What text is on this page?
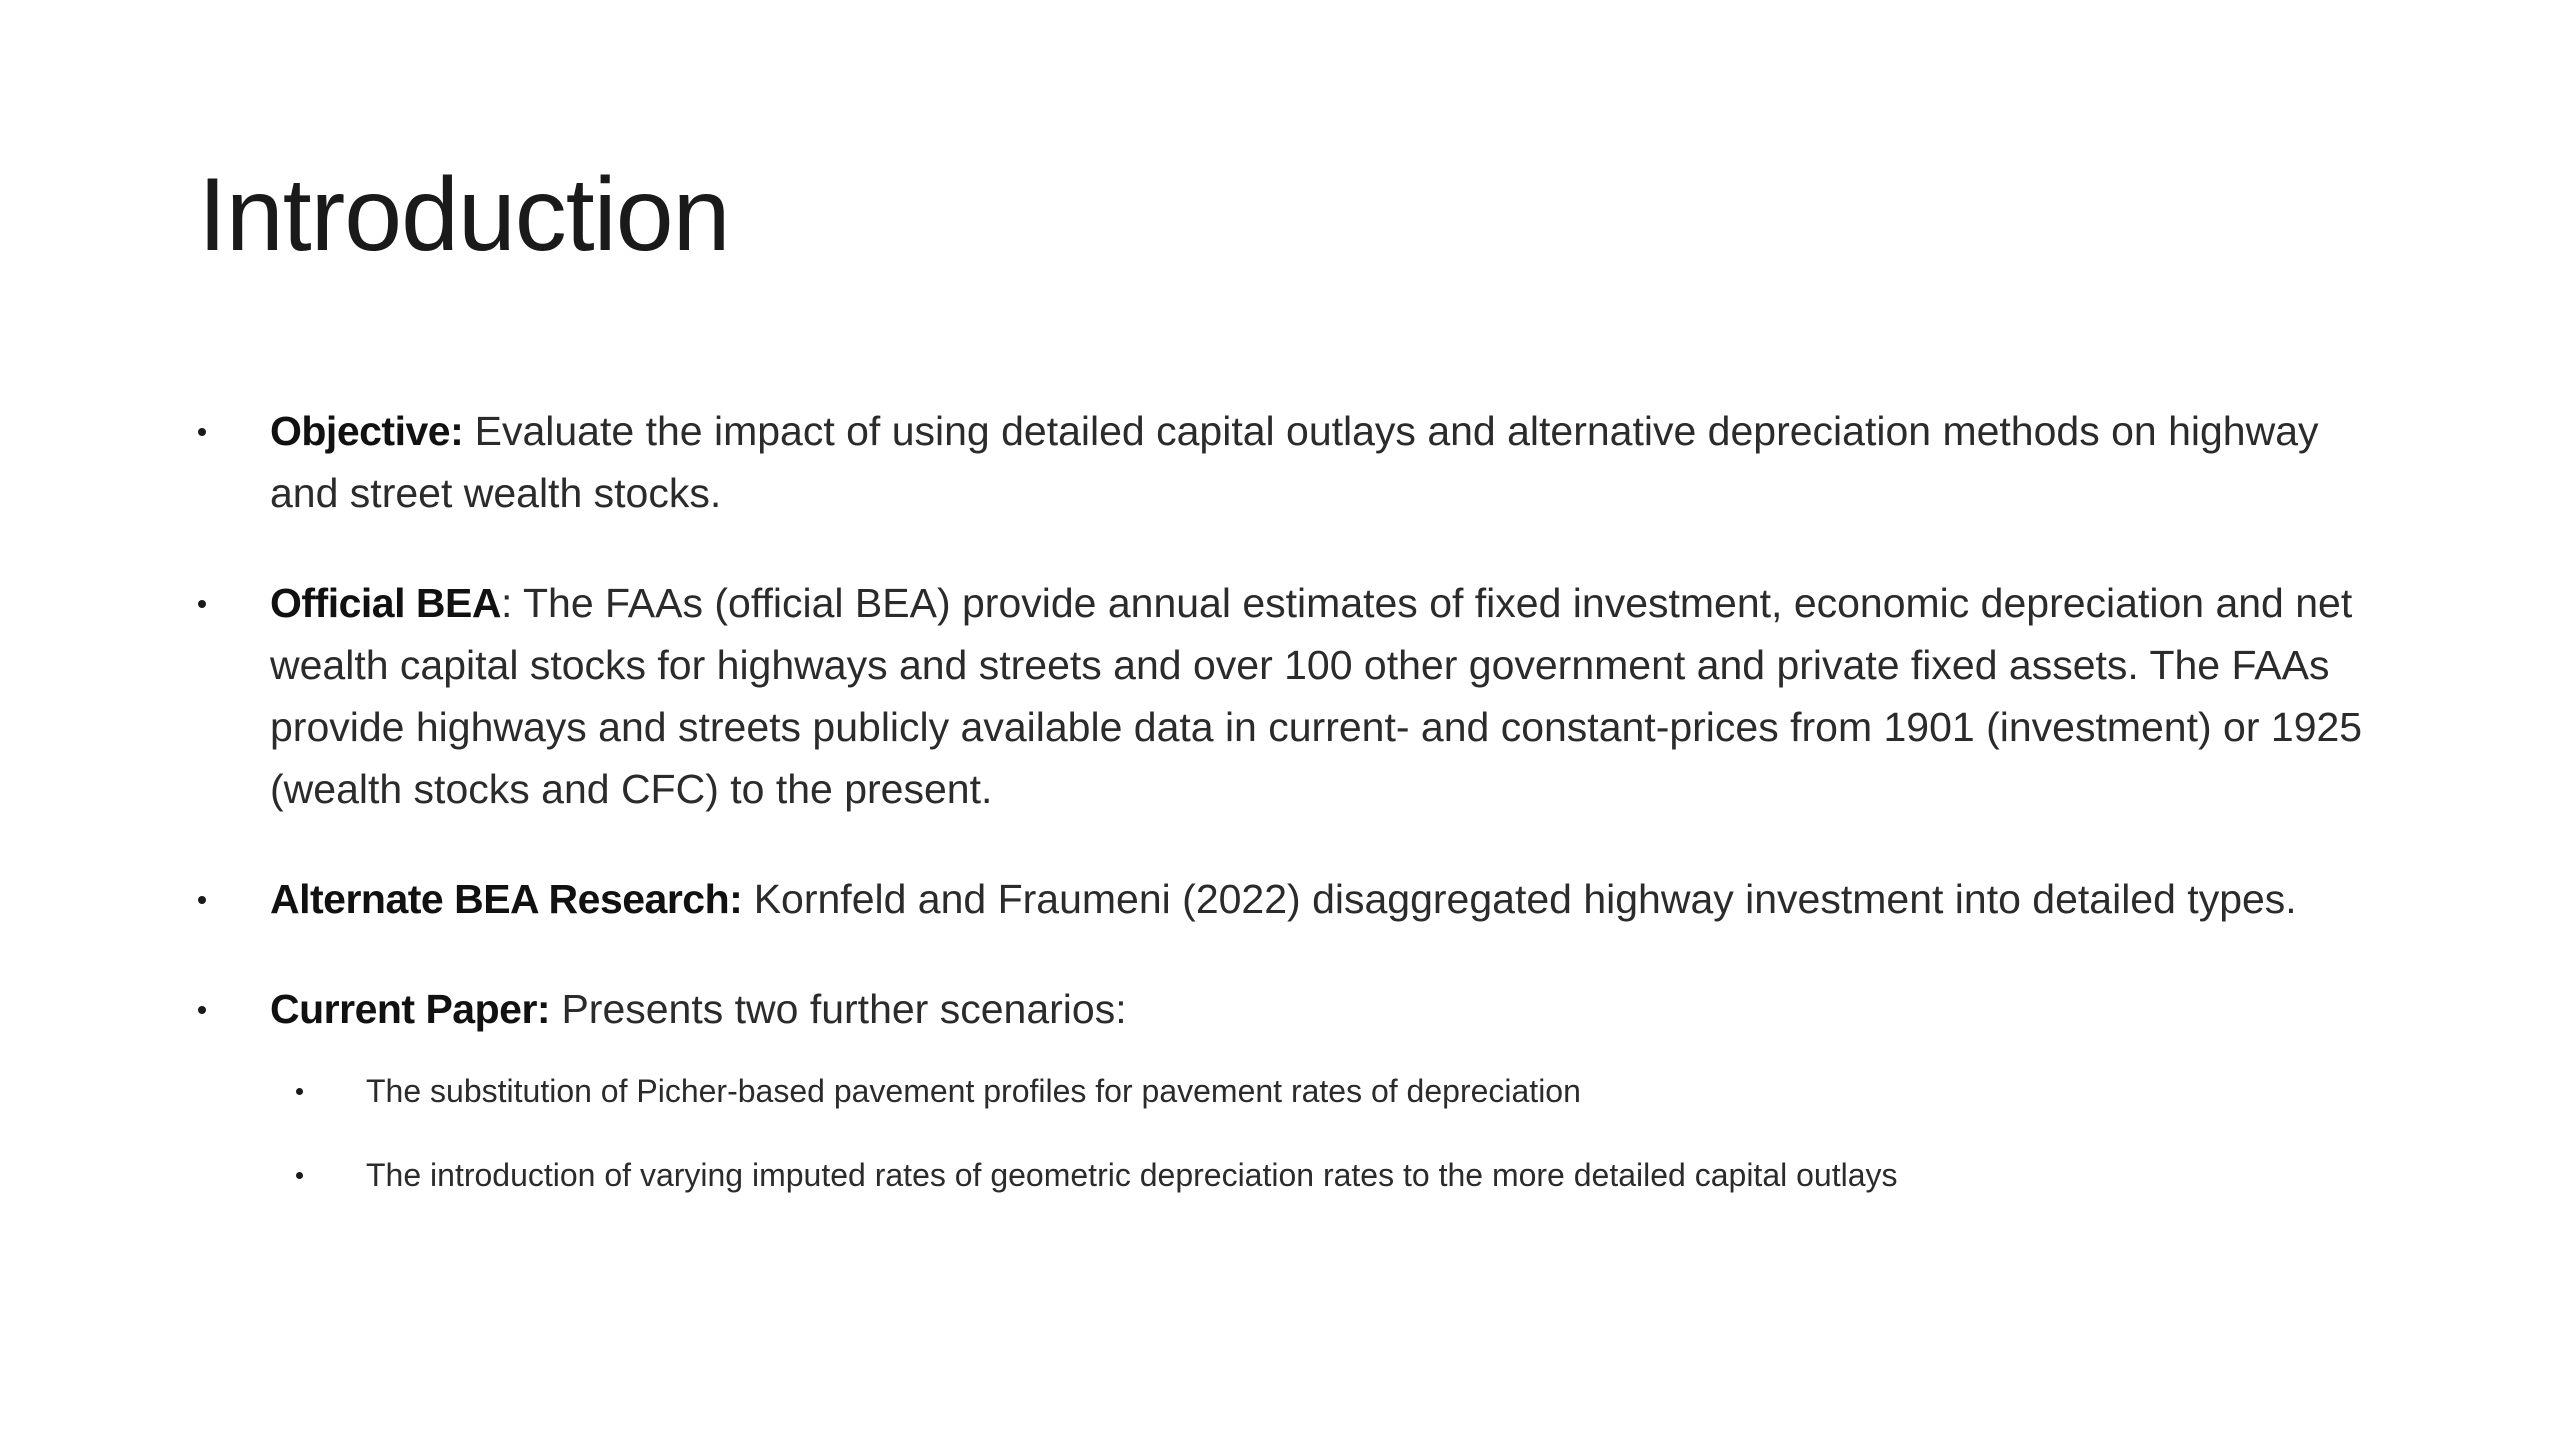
Introduction
Objective: Evaluate the impact of using detailed capital outlays and alternative depreciation methods on highway and street wealth stocks.
Official BEA: The FAAs (official BEA) provide annual estimates of fixed investment, economic depreciation and net wealth capital stocks for highways and streets and over 100 other government and private fixed assets. The FAAs provide highways and streets publicly available data in current- and constant-prices from 1901 (investment) or 1925 (wealth stocks and CFC) to the present.
Alternate BEA Research: Kornfeld and Fraumeni (2022) disaggregated highway investment into detailed types.
Current Paper: Presents two further scenarios:
The substitution of Picher-based pavement profiles for pavement rates of depreciation
The introduction of varying imputed rates of geometric depreciation rates to the more detailed capital outlays
